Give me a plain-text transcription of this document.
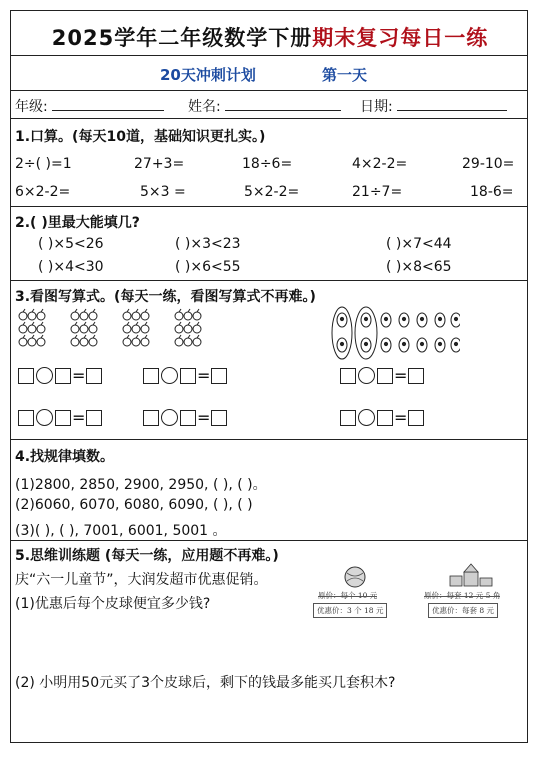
2025学年二年级数学下册期末复习每日一练
20天冲刺计划	第一天
年级:	姓名:	日期:
1.口算。(每天10道，基础知识更扎实。)
2÷( )=1	27+3=	18÷6=	4×2-2=	29-10=
6×2-2=	5×3 =	5×2-2=	21÷7=	18-6=
2.( )里最大能填几?
( )×5<26	( )×3<23	( )×7<44
( )×4<30	( )×6<55	( )×8<65
3.看图写算式。(每天一练，看图写算式不再难。)
=	=	=
=	=	=
4.找规律填数。
(1)2800, 2850, 2900, 2950, ( ), ( )。
(2)6060, 6070, 6080, 6090, ( ), ( )
(3)( ), ( ), 7001, 6001, 5001 。
5.思维训练题 (每天一练，应用题不再难。)
庆“六一儿童节”，大润发超市优惠促销。
(1)优惠后每个皮球便宜多少钱?
原价：每个 10 元
优惠价：3 个 18 元
原价：每套 12 元 5 角
优惠价：每套 8 元
(2) 小明用50元买了3个皮球后，剩下的钱最多能买几套积木?
